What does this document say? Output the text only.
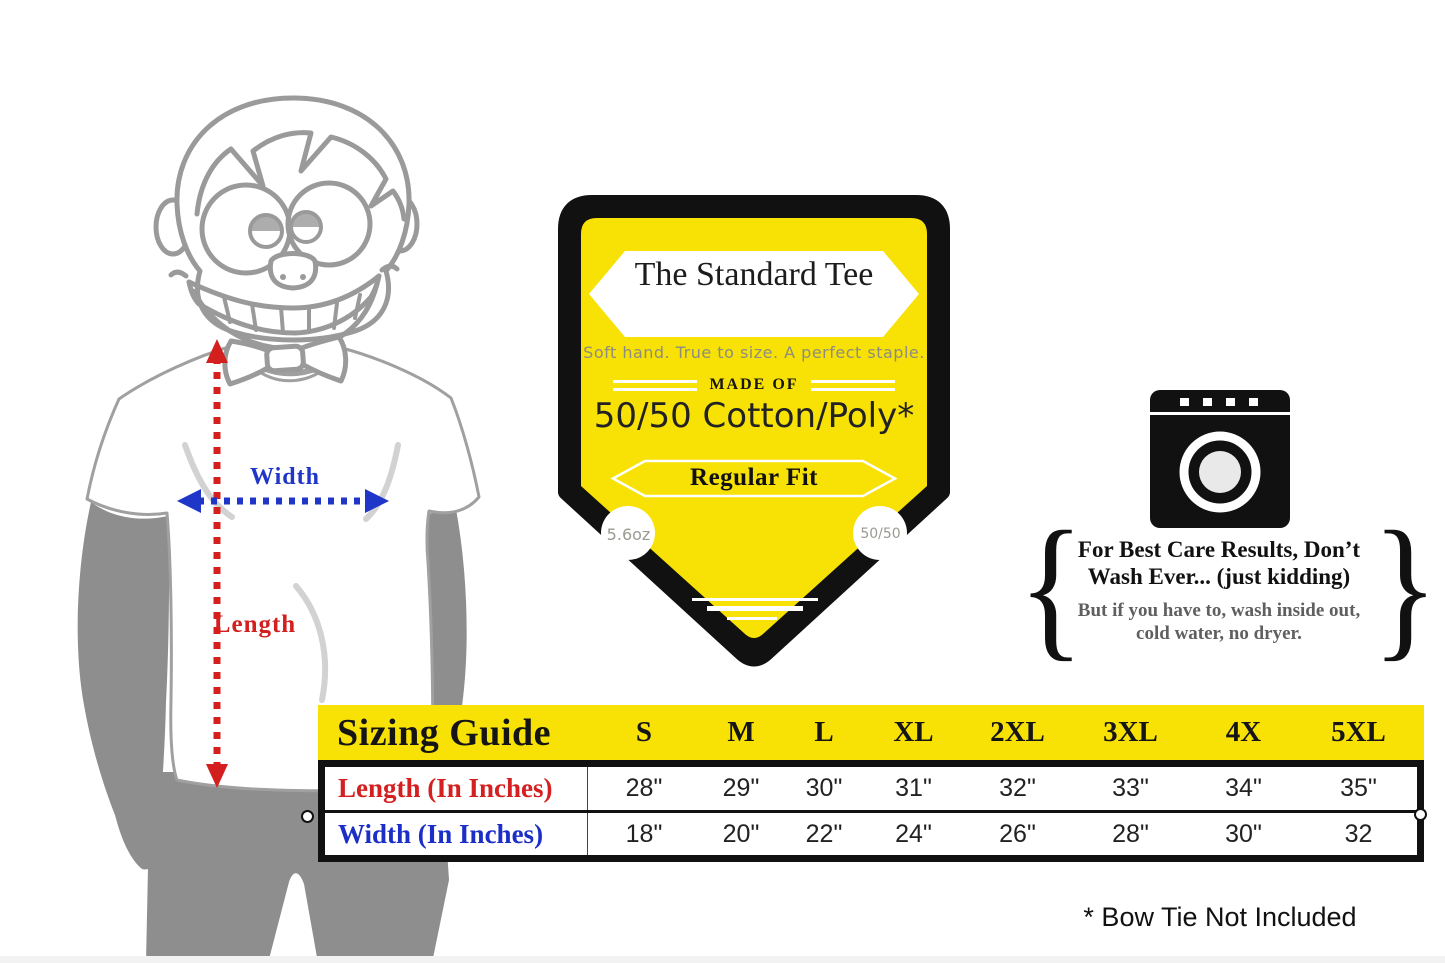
Width
Length
The Standard Tee
Soft hand. True to size. A perfect staple.
MADE OF
50/50 Cotton/Poly*
Regular Fit
5.6oz	50/50 { }
For Best Care Results, Don’t
Wash Ever... (just kidding)
But if you have to, wash inside out,
cold water, no dryer.
Sizing Guide	S	M	L	XL	2XL	3XL	4X	5XL
Length (In Inches)	28"	29"	30"	31"	32"	33"	34"	35"
Width (In Inches)	18"	20"	22"	24"	26"	28"	30"	32
* Bow Tie Not Included
